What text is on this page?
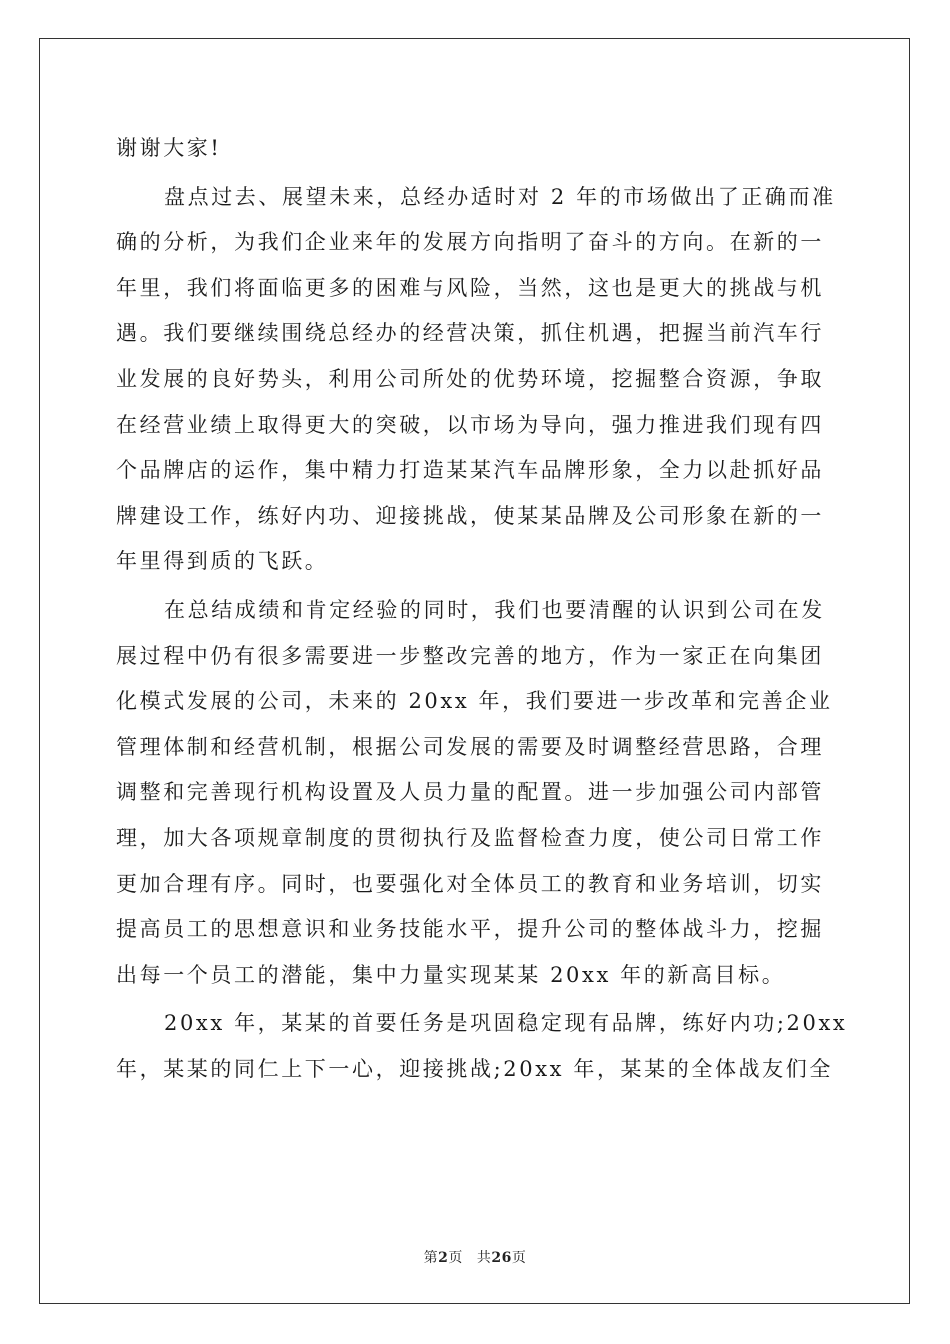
谢谢大家!
盘点过去、展望未来，总经办适时对 2 年的市场做出了正确而准
确的分析，为我们企业来年的发展方向指明了奋斗的方向。在新的一
年里，我们将面临更多的困难与风险，当然，这也是更大的挑战与机
遇。我们要继续围绕总经办的经营决策，抓住机遇，把握当前汽车行
业发展的良好势头，利用公司所处的优势环境，挖掘整合资源，争取
在经营业绩上取得更大的突破，以市场为导向，强力推进我们现有四
个品牌店的运作，集中精力打造某某汽车品牌形象，全力以赴抓好品
牌建设工作，练好内功、迎接挑战，使某某品牌及公司形象在新的一
年里得到质的飞跃。
在总结成绩和肯定经验的同时，我们也要清醒的认识到公司在发
展过程中仍有很多需要进一步整改完善的地方，作为一家正在向集团
化模式发展的公司，未来的 20xx 年，我们要进一步改革和完善企业
管理体制和经营机制，根据公司发展的需要及时调整经营思路，合理
调整和完善现行机构设置及人员力量的配置。进一步加强公司内部管
理，加大各项规章制度的贯彻执行及监督检查力度，使公司日常工作
更加合理有序。同时，也要强化对全体员工的教育和业务培训，切实
提高员工的思想意识和业务技能水平，提升公司的整体战斗力，挖掘
出每一个员工的潜能，集中力量实现某某 20xx 年的新高目标。
20xx 年，某某的首要任务是巩固稳定现有品牌，练好内功;20xx
年，某某的同仁上下一心，迎接挑战;20xx 年，某某的全体战友们全
第2页 共26页
